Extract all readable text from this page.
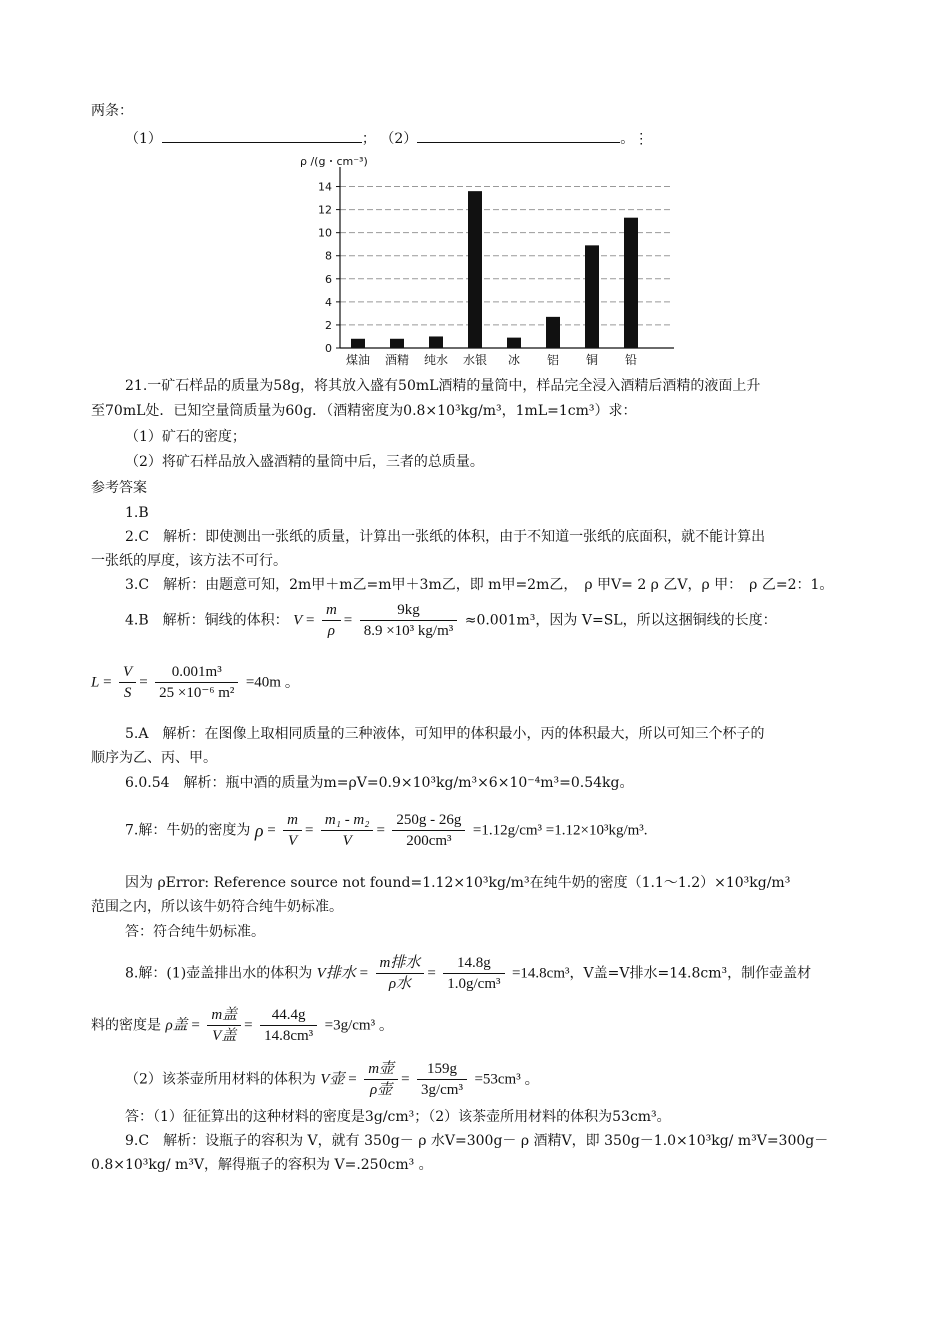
两条：
（1）	； （2）	。⋮
ρ /(g・cm⁻³)
0
2
4
6
8
10
12
14
煤油 酒精 纯水 水银 冰 铝 铜 铅
21.一矿石样品的质量为58g，将其放入盛有50mL酒精的量筒中，样品完全浸入酒精后酒精的液面上升
至70mL处．已知空量筒质量为60g．（酒精密度为0.8×10³kg/m³，1mL=1cm³）求：
（1）矿石的密度；
（2）将矿石样品放入盛酒精的量筒中后，三者的总质量。
参考答案
1.B
2.C　解析：即使测出一张纸的质量，计算出一张纸的体积，由于不知道一张纸的底面积，就不能计算出
一张纸的厚度，该方法不可行。
3.C　解析：由题意可知，2m甲＋m乙=m甲＋3m乙，即 m甲=2m乙，　ρ 甲V= 2 ρ 乙V，ρ 甲：　ρ 乙=2：1。
4.B　解析：铜线的体积： $V = \frac{m}{\rho} = \frac{9kg}{\text{8.9 ×10³ kg/m³}} \approx 0.001m^3$，因为 V=SL，所以这捆铜线的长度：
$L = \frac{V}{S} = \frac{\text{0.001m³}}{\text{25 ×10⁻⁶ m²}} =40m$ 。
5.A　解析：在图像上取相同质量的三种液体，可知甲的体积最小，丙的体积最大，所以可知三个杯子的
顺序为乙、丙、甲。
6.0.54　解析：瓶中酒的质量为m=ρV=0.9×10³kg/m³×6×10⁻⁴m³=0.54kg。
7.解：牛奶的密度为 $\rho = \frac{m}{V} = \frac{\text{m₁ - m₂}}{V} = \frac{250g - 26g}{\text{200cm³}} =1.12g/cm^3 =1.12\times 10^3kg/m^3$.
因为 ρError: Reference source not found=1.12×10³kg/m³在纯牛奶的密度（1.1～1.2）×10³kg/m³
范围之内，所以该牛奶符合纯牛奶标准。
答：符合纯牛奶标准。
8.解：(1)壶盖排出水的体积为 V排水 = $\frac{\text{m排水}}{\text{ρ水}} = \frac{14.8g}{\text{1.0g/cm³}} =14.8cm^3$，V盖=V排水=14.8cm³，制作壶盖材
料的密度是 ρ盖 = $\frac{\text{m盖}}{\text{V盖}} = \frac{44.4g}{\text{14.8cm³}} =3g/cm^3$ 。
（2）该茶壶所用材料的体积为 V壶 = $\frac{\text{m壶}}{\text{ρ壶}} = \frac{159g}{\text{3g/cm³}} =53cm^3$ 。
答：（1）征征算出的这种材料的密度是3g/cm³；（2）该茶壶所用材料的体积为53cm³。
9.C　解析：设瓶子的容积为 V，就有 350g－ ρ 水V=300g－ ρ 酒精V，即 350g－1.0×10³kg/ m³V=300g－
0.8×10³kg/ m³V，解得瓶子的容积为 V=.250cm³ 。
